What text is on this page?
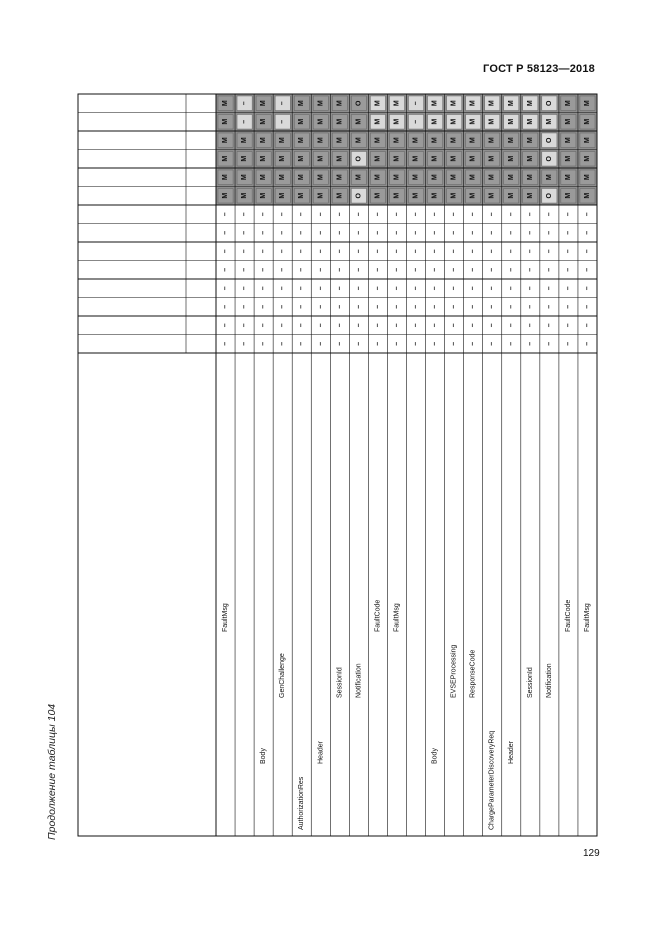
ГОСТ Р 58123—2018
Продолжение таблицы 104
129
M – M – M M M O M M – M M M M M M O M M
M – M – M M M M M M – M M M M M M M M M
M M M M M M M M M M M M M M M M M O M M
M M M M M M M O M M M M M M M M M O M M
M M M M M M M M M M M M M M M M M M M M
M M M M M M M O M M M M M M M M M O M M
– – – – – – – – – – – – – – – – – – – –
– – – – – – – – – – – – – – – – – – – –
– – – – – – – – – – – – – – – – – – – –
– – – – – – – – – – – – – – – – – – – –
– – – – – – – – – – – – – – – – – – – –
– – – – – – – – – – – – – – – – – – – –
– – – – – – – – – – – – – – – – – – – –
– – – – – – – – – – – – – – – – – – – –
FaultMsg
Body
GenChallenge
AuthorizationRes
Header
SessionId Notification
FaultCode FaultMsg
Body
EVSEProcessing ResponseCode
ChargeParameterDiscoveryReq Header
SessionId Notification
FaultCode FaultMsg
